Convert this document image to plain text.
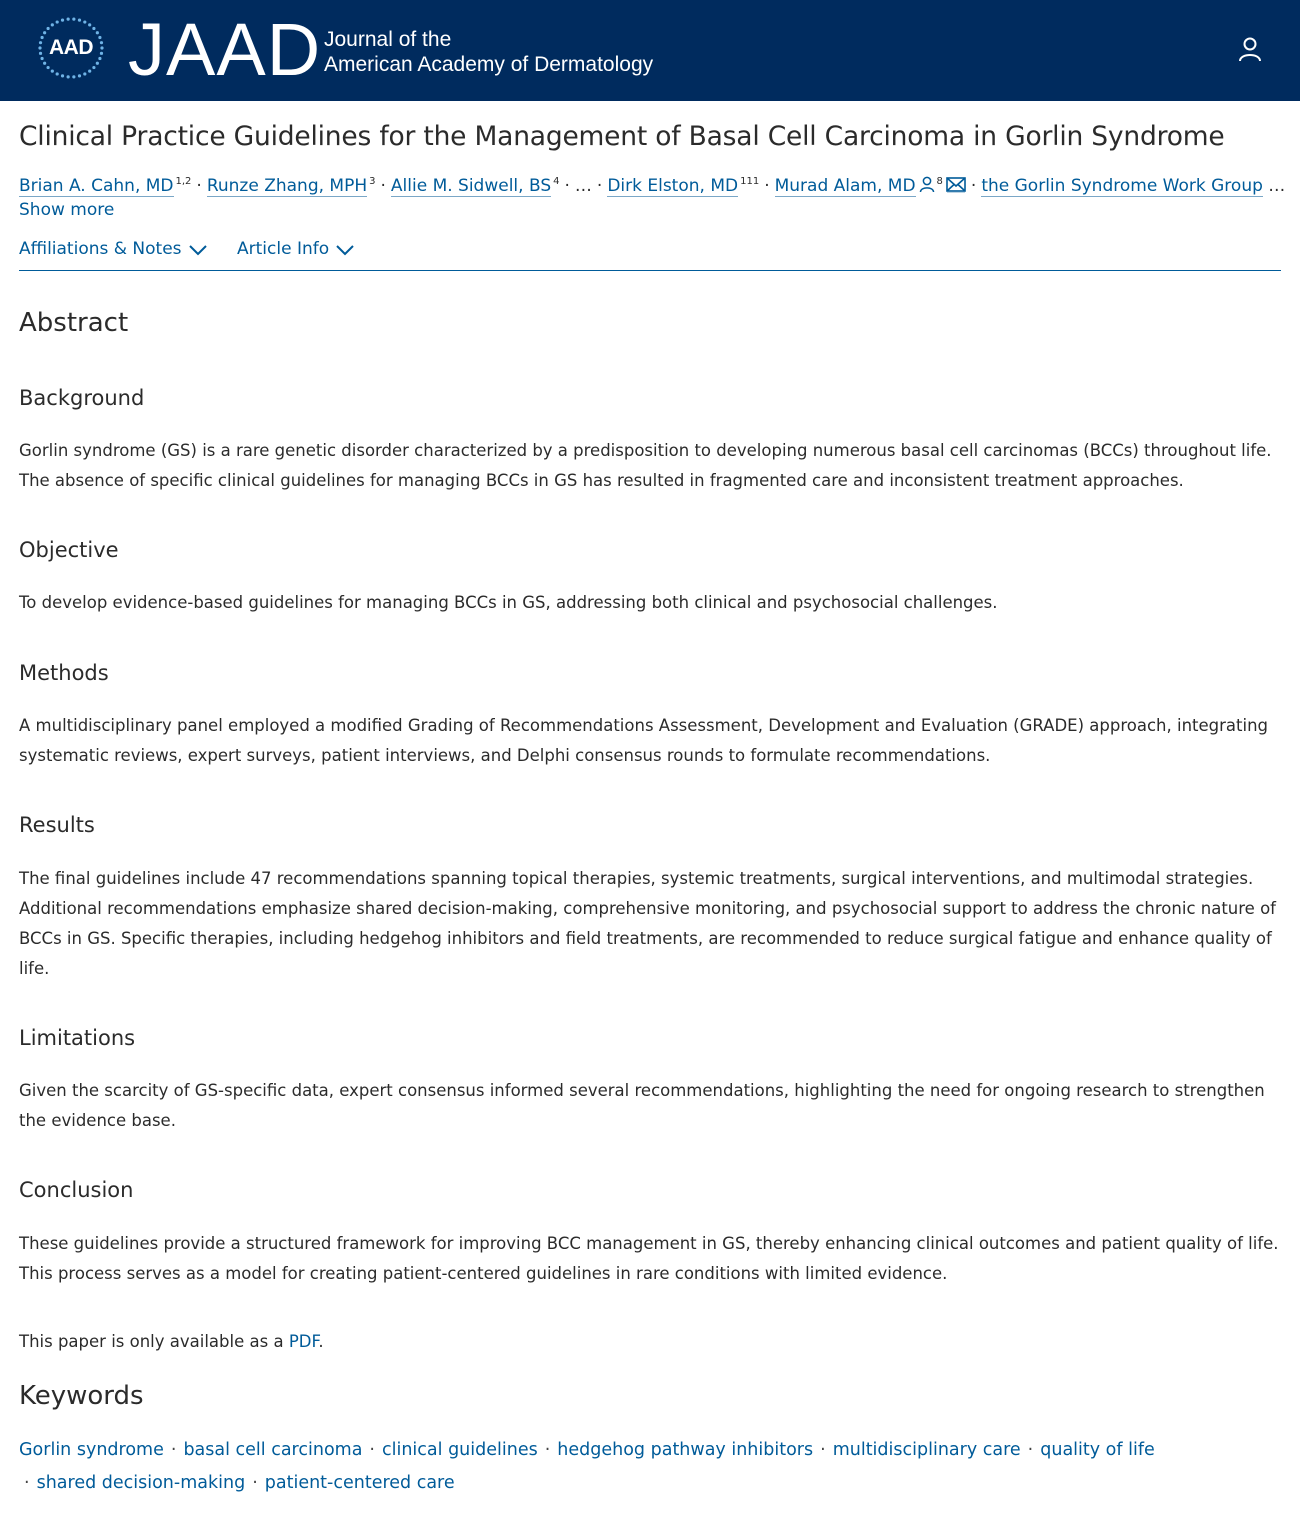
AAD JAAD Journal of the
American Academy of Dermatology
Clinical Practice Guidelines for the Management of Basal Cell Carcinoma in Gorlin Syndrome
Brian A. Cahn, MD $^{1,2}$ · Runze Zhang, MPH $^3$ · Allie M. Sidwell, BS $^4$ · … · Dirk Elston, MD $^{111}$ · Murad Alam, MD $^8$ · the Gorlin Syndrome Work Group …
Show more
Affiliations & Notes	Article Info
Abstract
Background

Gorlin syndrome (GS) is a rare genetic disorder characterized by a predisposition to developing numerous basal cell carcinomas (BCCs) throughout life. The absence of specific clinical guidelines for managing BCCs in GS has resulted in fragmented care and inconsistent treatment approaches.

Objective

To develop evidence-based guidelines for managing BCCs in GS, addressing both clinical and psychosocial challenges.

Methods

A multidisciplinary panel employed a modified Grading of Recommendations Assessment, Development and Evaluation (GRADE) approach, integrating systematic reviews, expert surveys, patient interviews, and Delphi consensus rounds to formulate recommendations.

Results

The final guidelines include 47 recommendations spanning topical therapies, systemic treatments, surgical interventions, and multimodal strategies. Additional recommendations emphasize shared decision-making, comprehensive monitoring, and psychosocial support to address the chronic nature of BCCs in GS. Specific therapies, including hedgehog inhibitors and field treatments, are recommended to reduce surgical fatigue and enhance quality of life.

Limitations

Given the scarcity of GS-specific data, expert consensus informed several recommendations, highlighting the need for ongoing research to strengthen the evidence base.

Conclusion

These guidelines provide a structured framework for improving BCC management in GS, thereby enhancing clinical outcomes and patient quality of life. This process serves as a model for creating patient-centered guidelines in rare conditions with limited evidence.

This paper is only available as a PDF.
Keywords
Gorlin syndrome · basal cell carcinoma · clinical guidelines · hedgehog pathway inhibitors · multidisciplinary care · quality of life
· shared decision-making · patient-centered care
